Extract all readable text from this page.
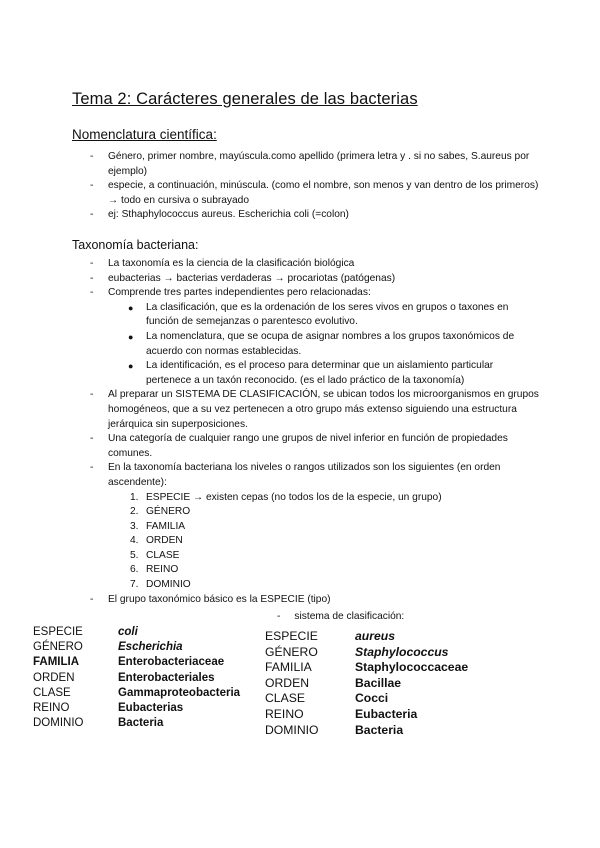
Tema 2: Carácteres generales de las bacterias
Nomenclatura científica:
- Género, primer nombre, mayúscula.como apellido (primera letra y . si no sabes, S.aureus por ejemplo)
- especie, a continuación, minúscula. (como el nombre, son menos y van dentro de los primeros) → todo en cursiva o subrayado
- ej: Sthaphylococcus aureus. Escherichia coli (=colon)
Taxonomía bacteriana:
- La taxonomía es la ciencia de la clasificación biológica
- eubacterias → bacterias verdaderas → procariotas (patógenas)
- Comprende tres partes independientes pero relacionadas:
● La clasificación, que es la ordenación de los seres vivos en grupos o taxones en función de semejanzas o parentesco evolutivo.
● La nomenclatura, que se ocupa de asignar nombres a los grupos taxonómicos de acuerdo con normas establecidas.
● La identificación, es el proceso para determinar que un aislamiento particular pertenece a un taxón reconocido. (es el lado práctico de la taxonomía)
- Al preparar un SISTEMA DE CLASIFICACIÓN, se ubican todos los microorganismos en grupos homogéneos, que a su vez pertenecen a otro grupo más extenso siguiendo una estructura jerárquica sin superposiciones.
- Una categoría de cualquier rango une grupos de nivel inferior en función de propiedades comunes.
- En la taxonomía bacteriana los niveles o rangos utilizados son los siguientes (en orden ascendente):
1. ESPECIE → existen cepas (no todos los de la especie, un grupo)
2. GÉNERO
3. FAMILIA
4. ORDEN
5. CLASE
6. REINO
7. DOMINIO
- El grupo taxonómico básico es la ESPECIE (tipo)
- sistema de clasificación:
ESPECIE	coli
GÉNERO	Escherichia
FAMILIA	Enterobacteriaceae
ORDEN	Enterobacteriales
CLASE	Gammaproteobacteria
REINO	Eubacterias
DOMINIO	Bacteria
ESPECIE	aureus
GÉNERO	Staphylococcus
FAMILIA	Staphylococcaceae
ORDEN	Bacillae
CLASE	Cocci
REINO	Eubacteria
DOMINIO	Bacteria
